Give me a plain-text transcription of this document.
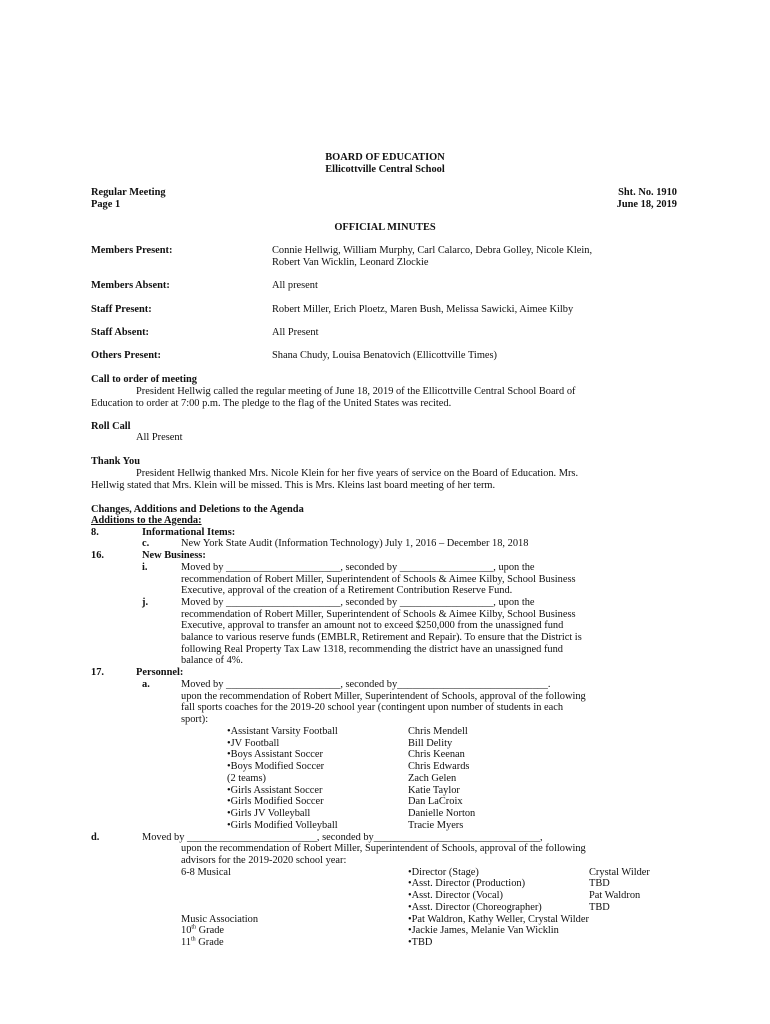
BOARD OF EDUCATION
Ellicottville Central School
Regular Meeting
Page 1
Sht. No. 1910
June 18, 2019
OFFICIAL MINUTES
Members Present:	Connie Hellwig, William Murphy, Carl Calarco, Debra Golley, Nicole Klein,
Robert Van Wicklin, Leonard Zlockie
Members Absent:	All present
Staff Present:	Robert Miller, Erich Ploetz, Maren Bush, Melissa Sawicki, Aimee Kilby
Staff Absent:	All Present
Others Present:	Shana Chudy, Louisa Benatovich (Ellicottville Times)
Call to order of meeting
President Hellwig called the regular meeting of June 18, 2019 of the Ellicottville Central School Board of
Education to order at 7:00 p.m. The pledge to the flag of the United States was recited.
Roll Call
All Present
Thank You
President Hellwig thanked Mrs. Nicole Klein for her five years of service on the Board of Education. Mrs.
Hellwig stated that Mrs. Klein will be missed. This is Mrs. Kleins last board meeting of her term.
Changes, Additions and Deletions to the Agenda
Additions to the Agenda:
8.	Informational Items:
c.	New York State Audit (Information Technology) July 1, 2016 – December 18, 2018
16.	New Business:
i.	Moved by ______________________, seconded by __________________, upon the
recommendation of Robert Miller, Superintendent of Schools & Aimee Kilby, School Business
Executive, approval of the creation of a Retirement Contribution Reserve Fund.
j.	Moved by ______________________, seconded by __________________, upon the
recommendation of Robert Miller, Superintendent of Schools & Aimee Kilby, School Business
Executive, approval to transfer an amount not to exceed $250,000 from the unassigned fund
balance to various reserve funds (EMBLR, Retirement and Repair). To ensure that the District is
following Real Property Tax Law 1318, recommending the district have an unassigned fund
balance of 4%.
17.	Personnel:
a.	Moved by ______________________, seconded by_____________________________.
upon the recommendation of Robert Miller, Superintendent of Schools, approval of the following
fall sports coaches for the 2019-20 school year (contingent upon number of students in each
sport):
•Assistant Varsity Football	Chris Mendell
•JV Football	Bill Delity
•Boys Assistant Soccer	Chris Keenan
•Boys Modified Soccer	Chris Edwards
(2 teams)	Zach Gelen
•Girls Assistant Soccer	Katie Taylor
•Girls Modified Soccer	Dan LaCroix
•Girls JV Volleyball	Danielle Norton
•Girls Modified Volleyball	Tracie Myers
d.	Moved by _________________________, seconded by________________________________,
upon the recommendation of Robert Miller, Superintendent of Schools, approval of the following
advisors for the 2019-2020 school year:
6-8 Musical	•Director (Stage)	Crystal Wilder
•Asst. Director (Production)	TBD
•Asst. Director (Vocal)	Pat Waldron
•Asst. Director (Choreographer)	TBD
Music Association	•Pat Waldron, Kathy Weller, Crystal Wilder
10th Grade	•Jackie James, Melanie Van Wicklin
11th Grade	•TBD
